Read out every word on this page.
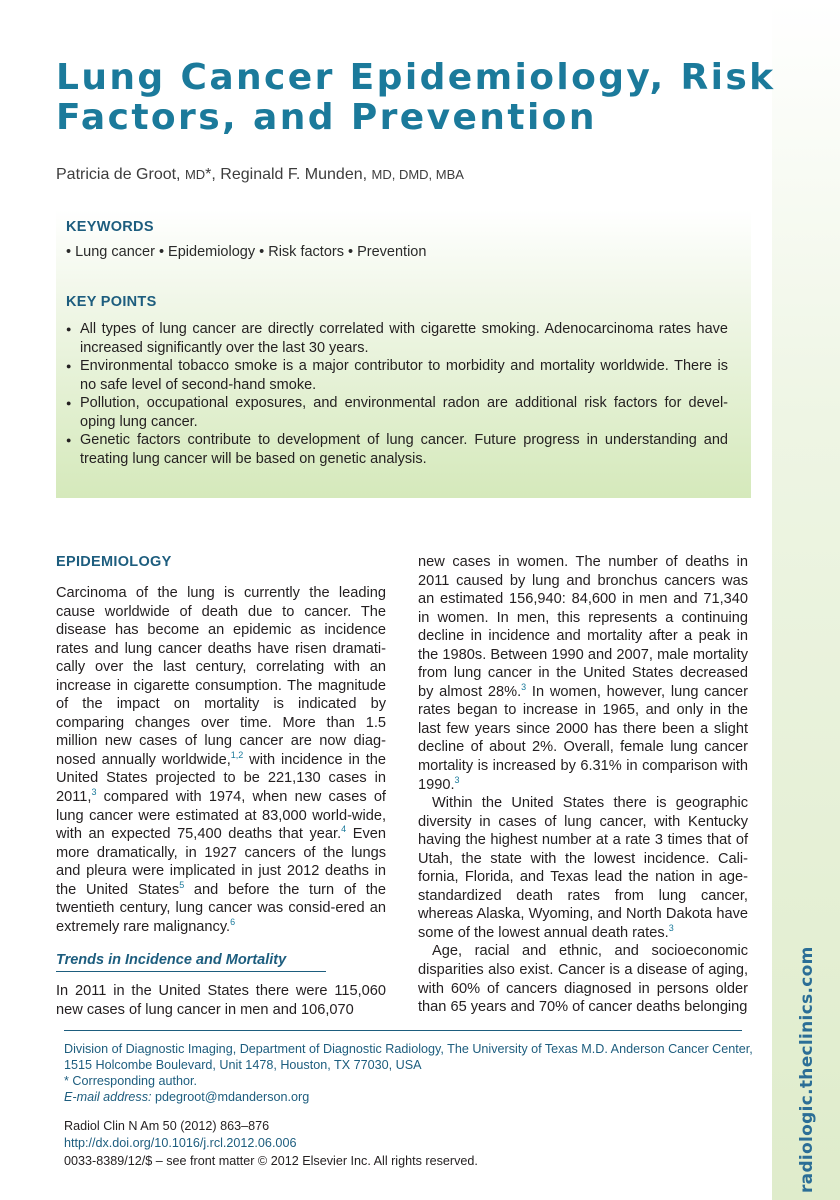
radiologic.theclinics.com
Lung Cancer Epidemiology, Risk Factors, and Prevention
Patricia de Groot, MD*, Reginald F. Munden, MD, DMD, MBA
KEYWORDS
• Lung cancer • Epidemiology • Risk factors • Prevention
KEY POINTS
● All types of lung cancer are directly correlated with cigarette smoking. Adenocarcinoma rates have increased significantly over the last 30 years.
● Environmental tobacco smoke is a major contributor to morbidity and mortality worldwide. There is no safe level of second-hand smoke.
● Pollution, occupational exposures, and environmental radon are additional risk factors for devel-oping lung cancer.
● Genetic factors contribute to development of lung cancer. Future progress in understanding and treating lung cancer will be based on genetic analysis.
EPIDEMIOLOGY

Carcinoma of the lung is currently the leading cause worldwide of death due to cancer. The disease has become an epidemic as incidence rates and lung cancer deaths have risen dramati-cally over the last century, correlating with an increase in cigarette consumption. The magnitude of the impact on mortality is indicated by comparing changes over time. More than 1.5 million new cases of lung cancer are now diag-nosed annually worldwide,$^{1,2}$ with incidence in the United States projected to be 221,130 cases in 2011,$^3$ compared with 1974, when new cases of lung cancer were estimated at 83,000 world-wide, with an expected 75,400 deaths that year.$^4$ Even more dramatically, in 1927 cancers of the lungs and pleura were implicated in just 2012 deaths in the United States$^5$ and before the turn of the twentieth century, lung cancer was consid-ered an extremely rare malignancy.$^6$

Trends in Incidence and Mortality

In 2011 in the United States there were 115,060 new cases of lung cancer in men and 106,070

new cases in women. The number of deaths in 2011 caused by lung and bronchus cancers was an estimated 156,940: 84,600 in men and 71,340 in women. In men, this represents a continuing decline in incidence and mortality after a peak in the 1980s. Between 1990 and 2007, male mortality from lung cancer in the United States decreased by almost 28%.$^3$ In women, however, lung cancer rates began to increase in 1965, and only in the last few years since 2000 has there been a slight decline of about 2%. Overall, female lung cancer mortality is increased by 6.31% in comparison with 1990.$^3$

Within the United States there is geographic diversity in cases of lung cancer, with Kentucky having the highest number at a rate 3 times that of Utah, the state with the lowest incidence. Cali-fornia, Florida, and Texas lead the nation in age-standardized death rates from lung cancer, whereas Alaska, Wyoming, and North Dakota have some of the lowest annual death rates.$^3$

Age, racial and ethnic, and socioeconomic disparities also exist. Cancer is a disease of aging, with 60% of cancers diagnosed in persons older than 65 years and 70% of cancer deaths belonging

Division of Diagnostic Imaging, Department of Diagnostic Radiology, The University of Texas M.D. Anderson Cancer Center, 1515 Holcombe Boulevard, Unit 1478, Houston, TX 77030, USA
* Corresponding author.
E-mail address: pdegroot@mdanderson.org
Radiol Clin N Am 50 (2012) 863–876
http://dx.doi.org/10.1016/j.rcl.2012.06.006
0033-8389/12/$ – see front matter © 2012 Elsevier Inc. All rights reserved.
